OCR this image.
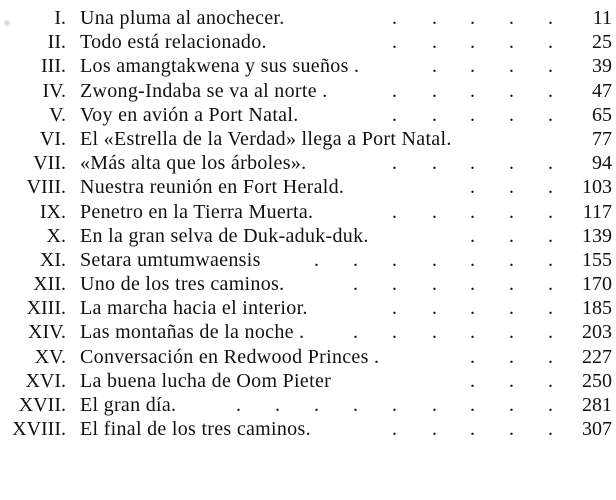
I. Una pluma al anochecer.	. . . . . 11
II. Todo está relacionado.	. . . . . 25
III. Los amangtakwena y sus sueños .	. . . . 39
IV. Zwong-Indaba se va al norte .	. . . . . 47
V. Voy en avión a Port Natal.	. . . . . 65
VI. El «Estrella de la Verdad» llega a Port Natal.	77
VII. «Más alta que los árboles».	. . . . . 94
VIII. Nuestra reunión en Fort Herald.	. . . 103
IX. Penetro en la Tierra Muerta.	. . . . . 117
X. En la gran selva de Duk-aduk-duk.	. . . 139
XI. Setara umtumwaensis	. . . . . . . 155
XII. Uno de los tres caminos.	. . . . . . 170
XIII. La marcha hacia el interior.	. . . . . 185
XIV. Las montañas de la noche . . . . . . . 203
XV. Conversación en Redwood Princes .	. . . 227
XVI. La buena lucha de Oom Pieter	. . . 250
XVII. El gran día.	. . . . . . . . . 281
XVIII. El final de los tres caminos.	. . . . . 307
